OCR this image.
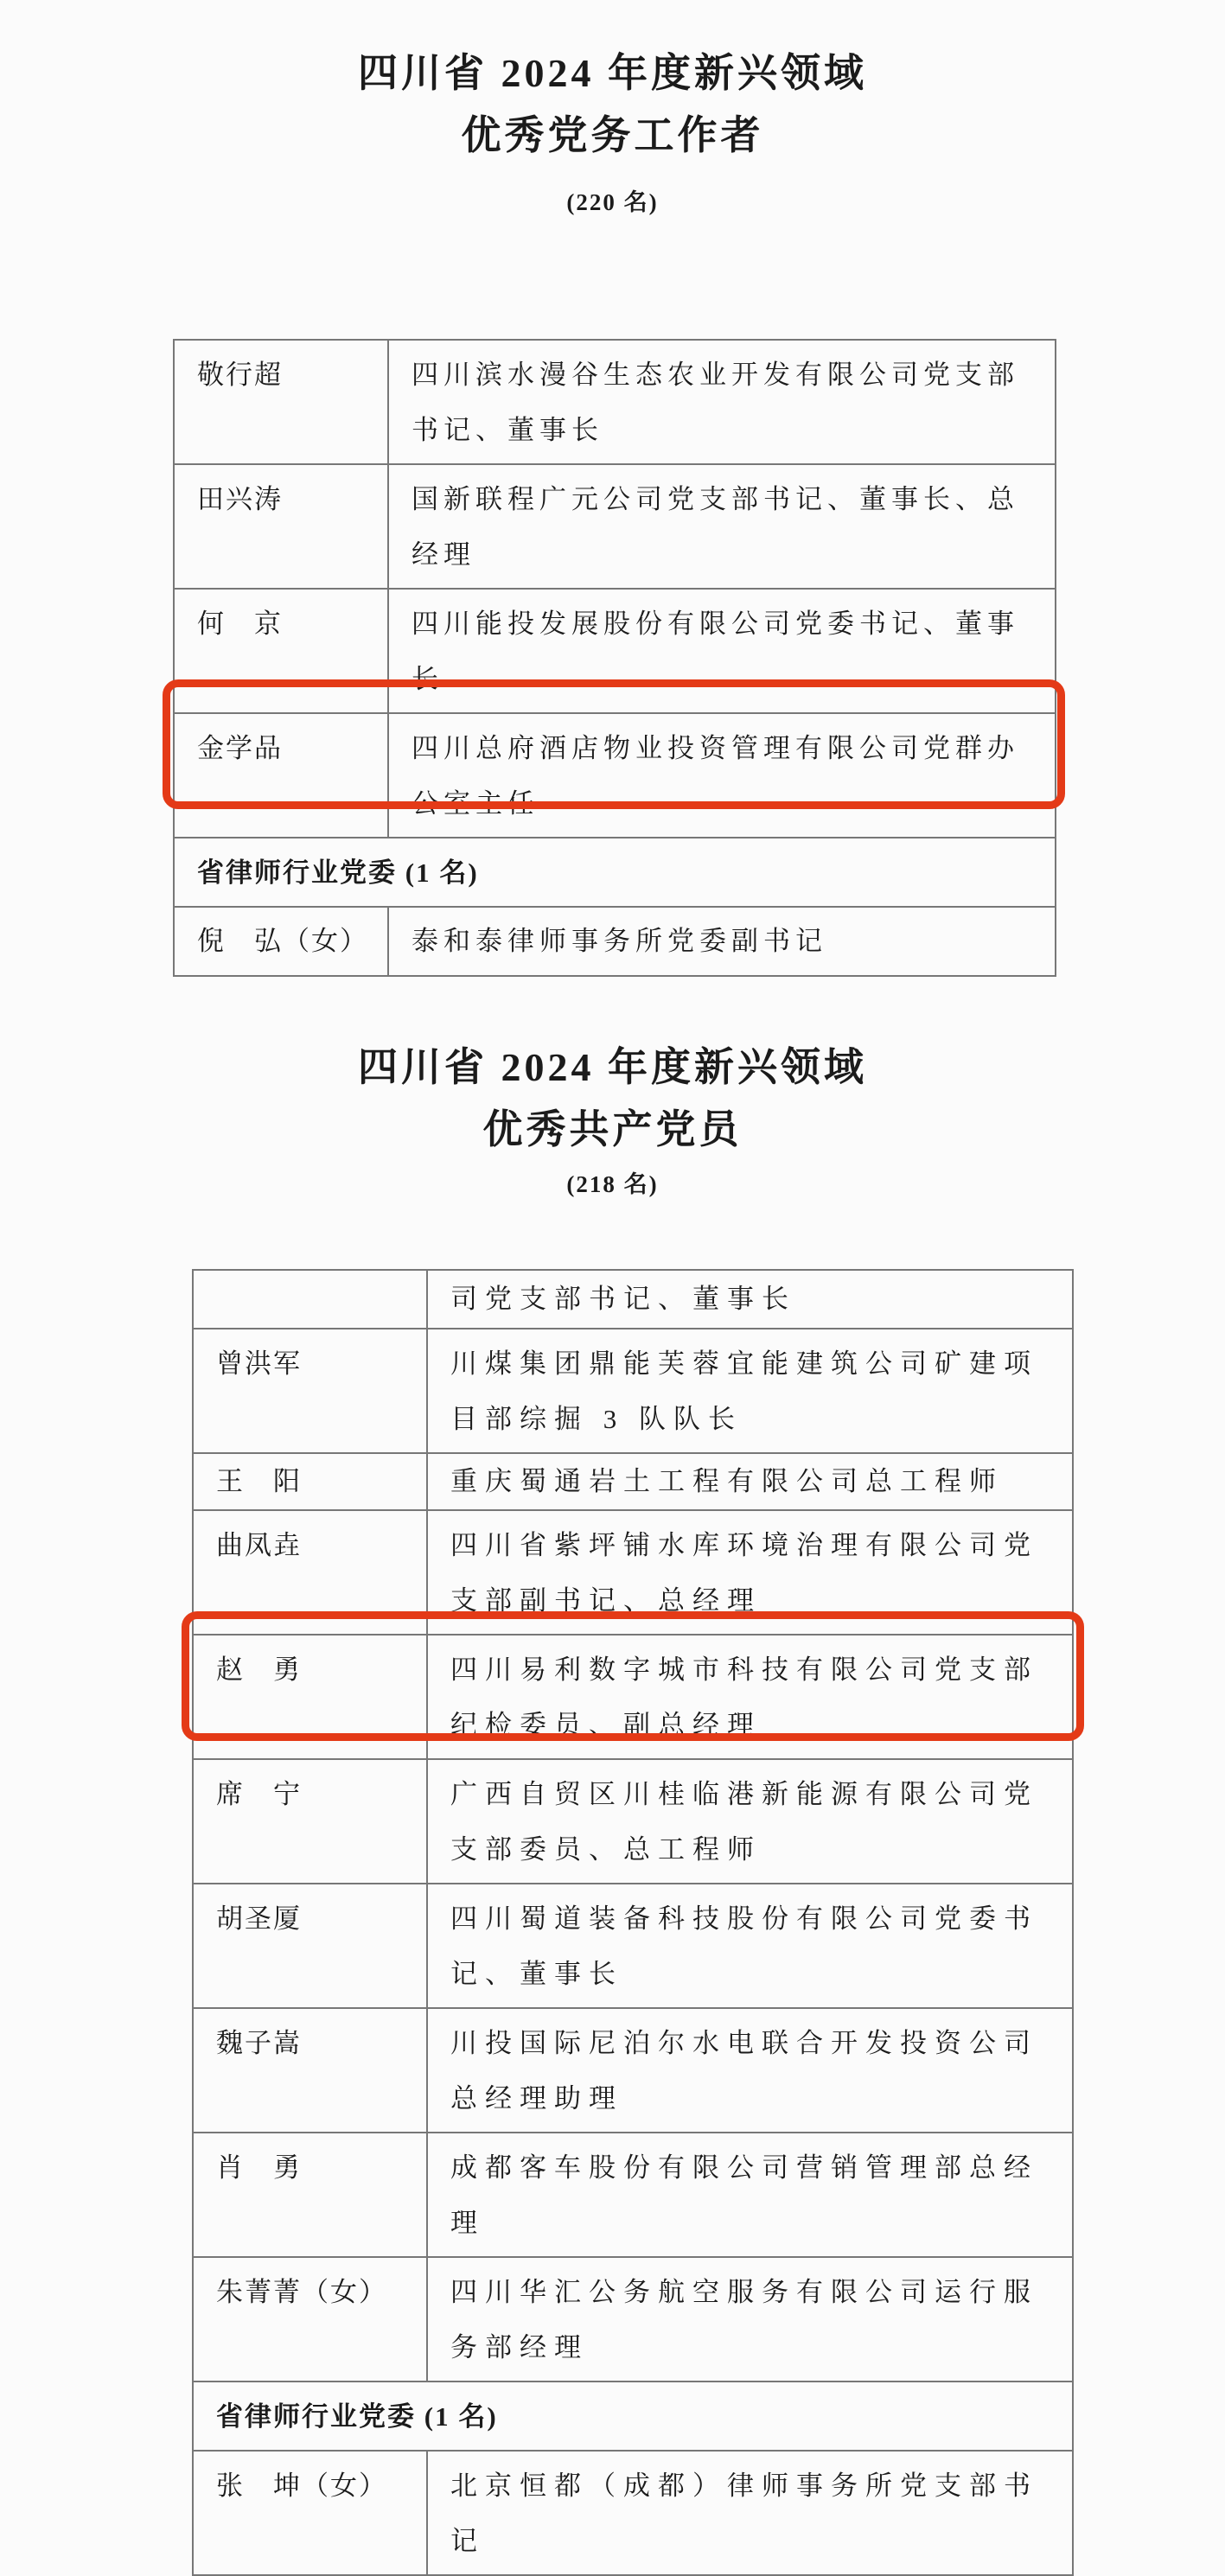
四川省 2024 年度新兴领域
优秀党务工作者
(220 名)
敬行超	四川滨水漫谷生态农业开发有限公司党支部书记、董事长
田兴涛	国新联程广元公司党支部书记、董事长、总经理
何　京	四川能投发展股份有限公司党委书记、董事长
金学品	四川总府酒店物业投资管理有限公司党群办公室主任
省律师行业党委 (1 名)	
倪　弘（女）	泰和泰律师事务所党委副书记
四川省 2024 年度新兴领域
优秀共产党员
(218 名)
	司党支部书记、董事长
曾洪军	川煤集团鼎能芙蓉宜能建筑公司矿建项目部综掘 3 队队长
王　阳	重庆蜀通岩土工程有限公司总工程师
曲凤垚	四川省紫坪铺水库环境治理有限公司党支部副书记、总经理
赵　勇	四川易利数字城市科技有限公司党支部纪检委员、副总经理
席　宁	广西自贸区川桂临港新能源有限公司党支部委员、总工程师
胡圣厦	四川蜀道装备科技股份有限公司党委书记、董事长
魏子嵩	川投国际尼泊尔水电联合开发投资公司总经理助理
肖　勇	成都客车股份有限公司营销管理部总经理
朱菁菁（女）	四川华汇公务航空服务有限公司运行服务部经理
省律师行业党委 (1 名)	
张　坤（女）	北京恒都（成都）律师事务所党支部书记
